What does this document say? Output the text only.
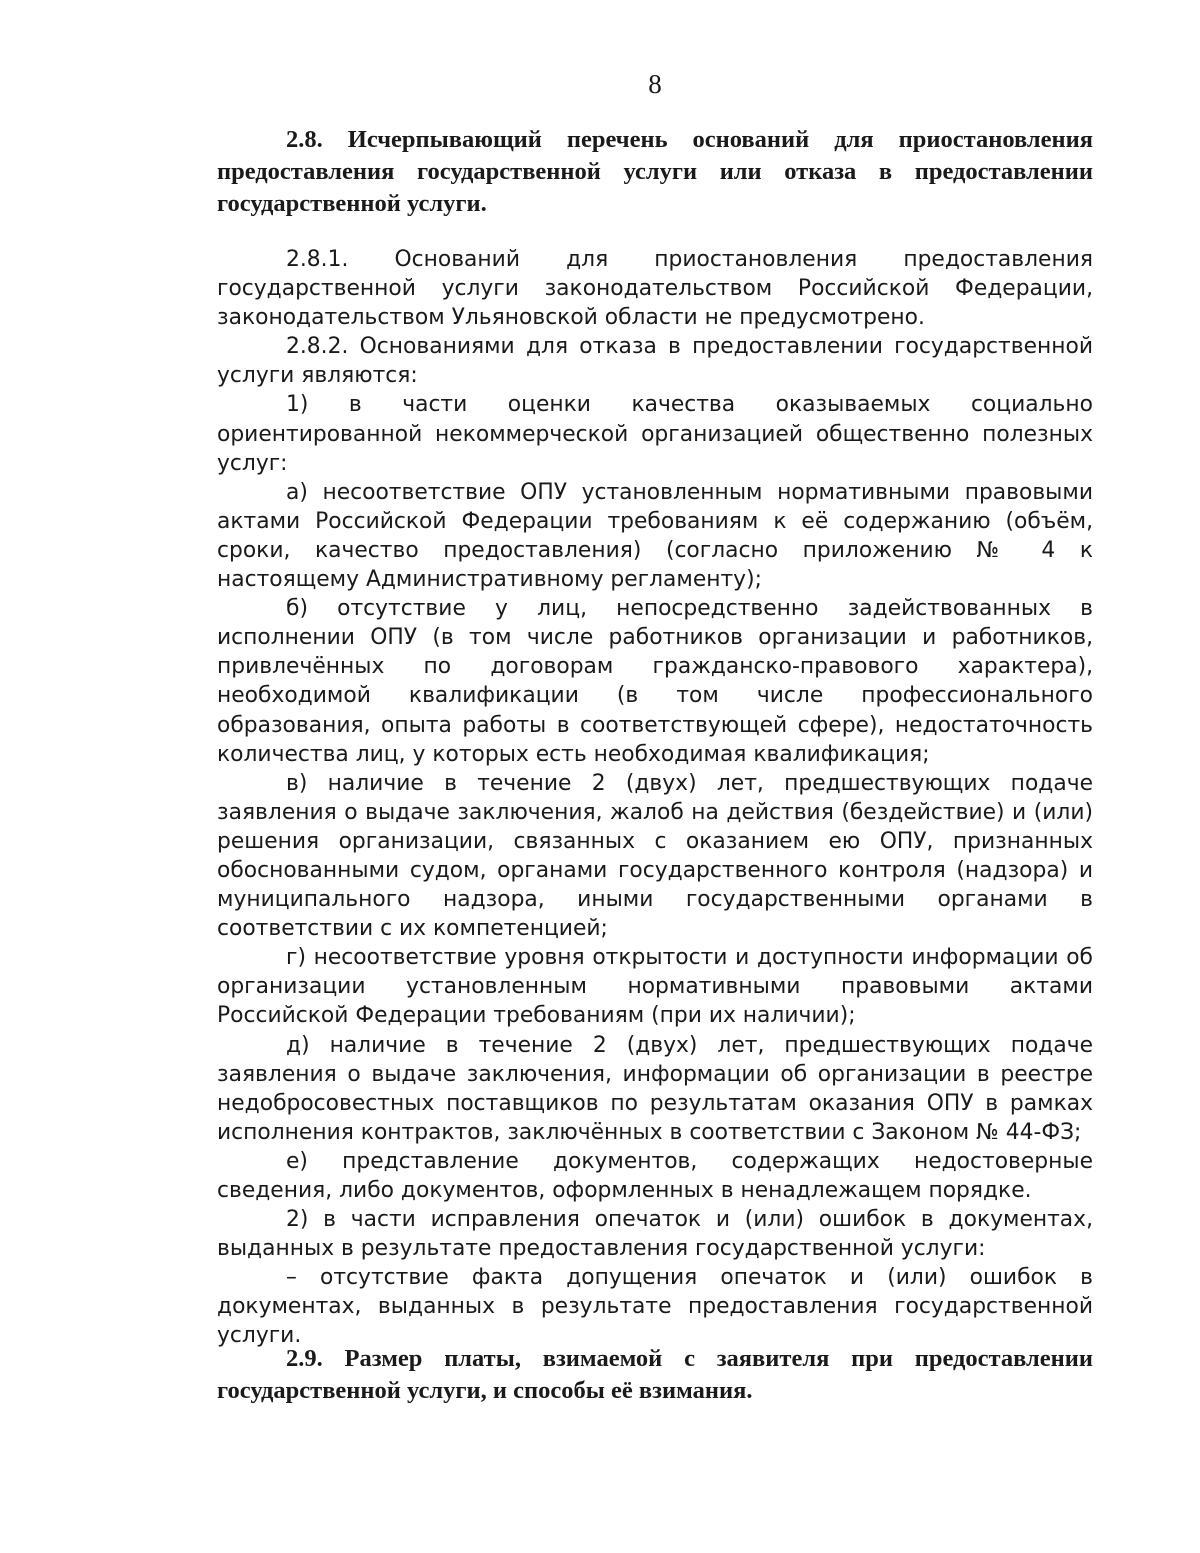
8
2.8. Исчерпывающий перечень оснований для приостановления предоставления государственной услуги или отказа в предоставлении государственной услуги.

2.8.1. Оснований для приостановления предоставления государственной услуги законодательством Российской Федерации, законодательством Ульяновской области не предусмотрено.

2.8.2. Основаниями для отказа в предоставлении государственной услуги являются:

1) в части оценки качества оказываемых социально ориентированной некоммерческой организацией общественно полезных услуг:

а) несоответствие ОПУ установленным нормативными правовыми актами Российской Федерации требованиям к её содержанию (объём, сроки, качество предоставления) (согласно приложению № 4 к настоящему Административному регламенту);

б) отсутствие у лиц, непосредственно задействованных в исполнении ОПУ (в том числе работников организации и работников, привлечённых по договорам гражданско-правового характера), необходимой квалификации (в том числе профессионального образования, опыта работы в соответствующей сфере), недостаточность количества лиц, у которых есть необходимая квалификация;

в) наличие в течение 2 (двух) лет, предшествующих подаче заявления о выдаче заключения, жалоб на действия (бездействие) и (или) решения организации, связанных с оказанием ею ОПУ, признанных обоснованными судом, органами государственного контроля (надзора) и муниципального надзора, иными государственными органами в соответствии с их компетенцией;

г) несоответствие уровня открытости и доступности информации об организации установленным нормативными правовыми актами Российской Федерации требованиям (при их наличии);

д) наличие в течение 2 (двух) лет, предшествующих подаче заявления о выдаче заключения, информации об организации в реестре недобросовестных поставщиков по результатам оказания ОПУ в рамках исполнения контрактов, заключённых в соответствии с Законом № 44-ФЗ;

е) представление документов, содержащих недостоверные сведения, либо документов, оформленных в ненадлежащем порядке.

2) в части исправления опечаток и (или) ошибок в документах, выданных в результате предоставления государственной услуги:

– отсутствие факта допущения опечаток и (или) ошибок в документах, выданных в результате предоставления государственной услуги.

2.9. Размер платы, взимаемой с заявителя при предоставлении государственной услуги, и способы её взимания.
